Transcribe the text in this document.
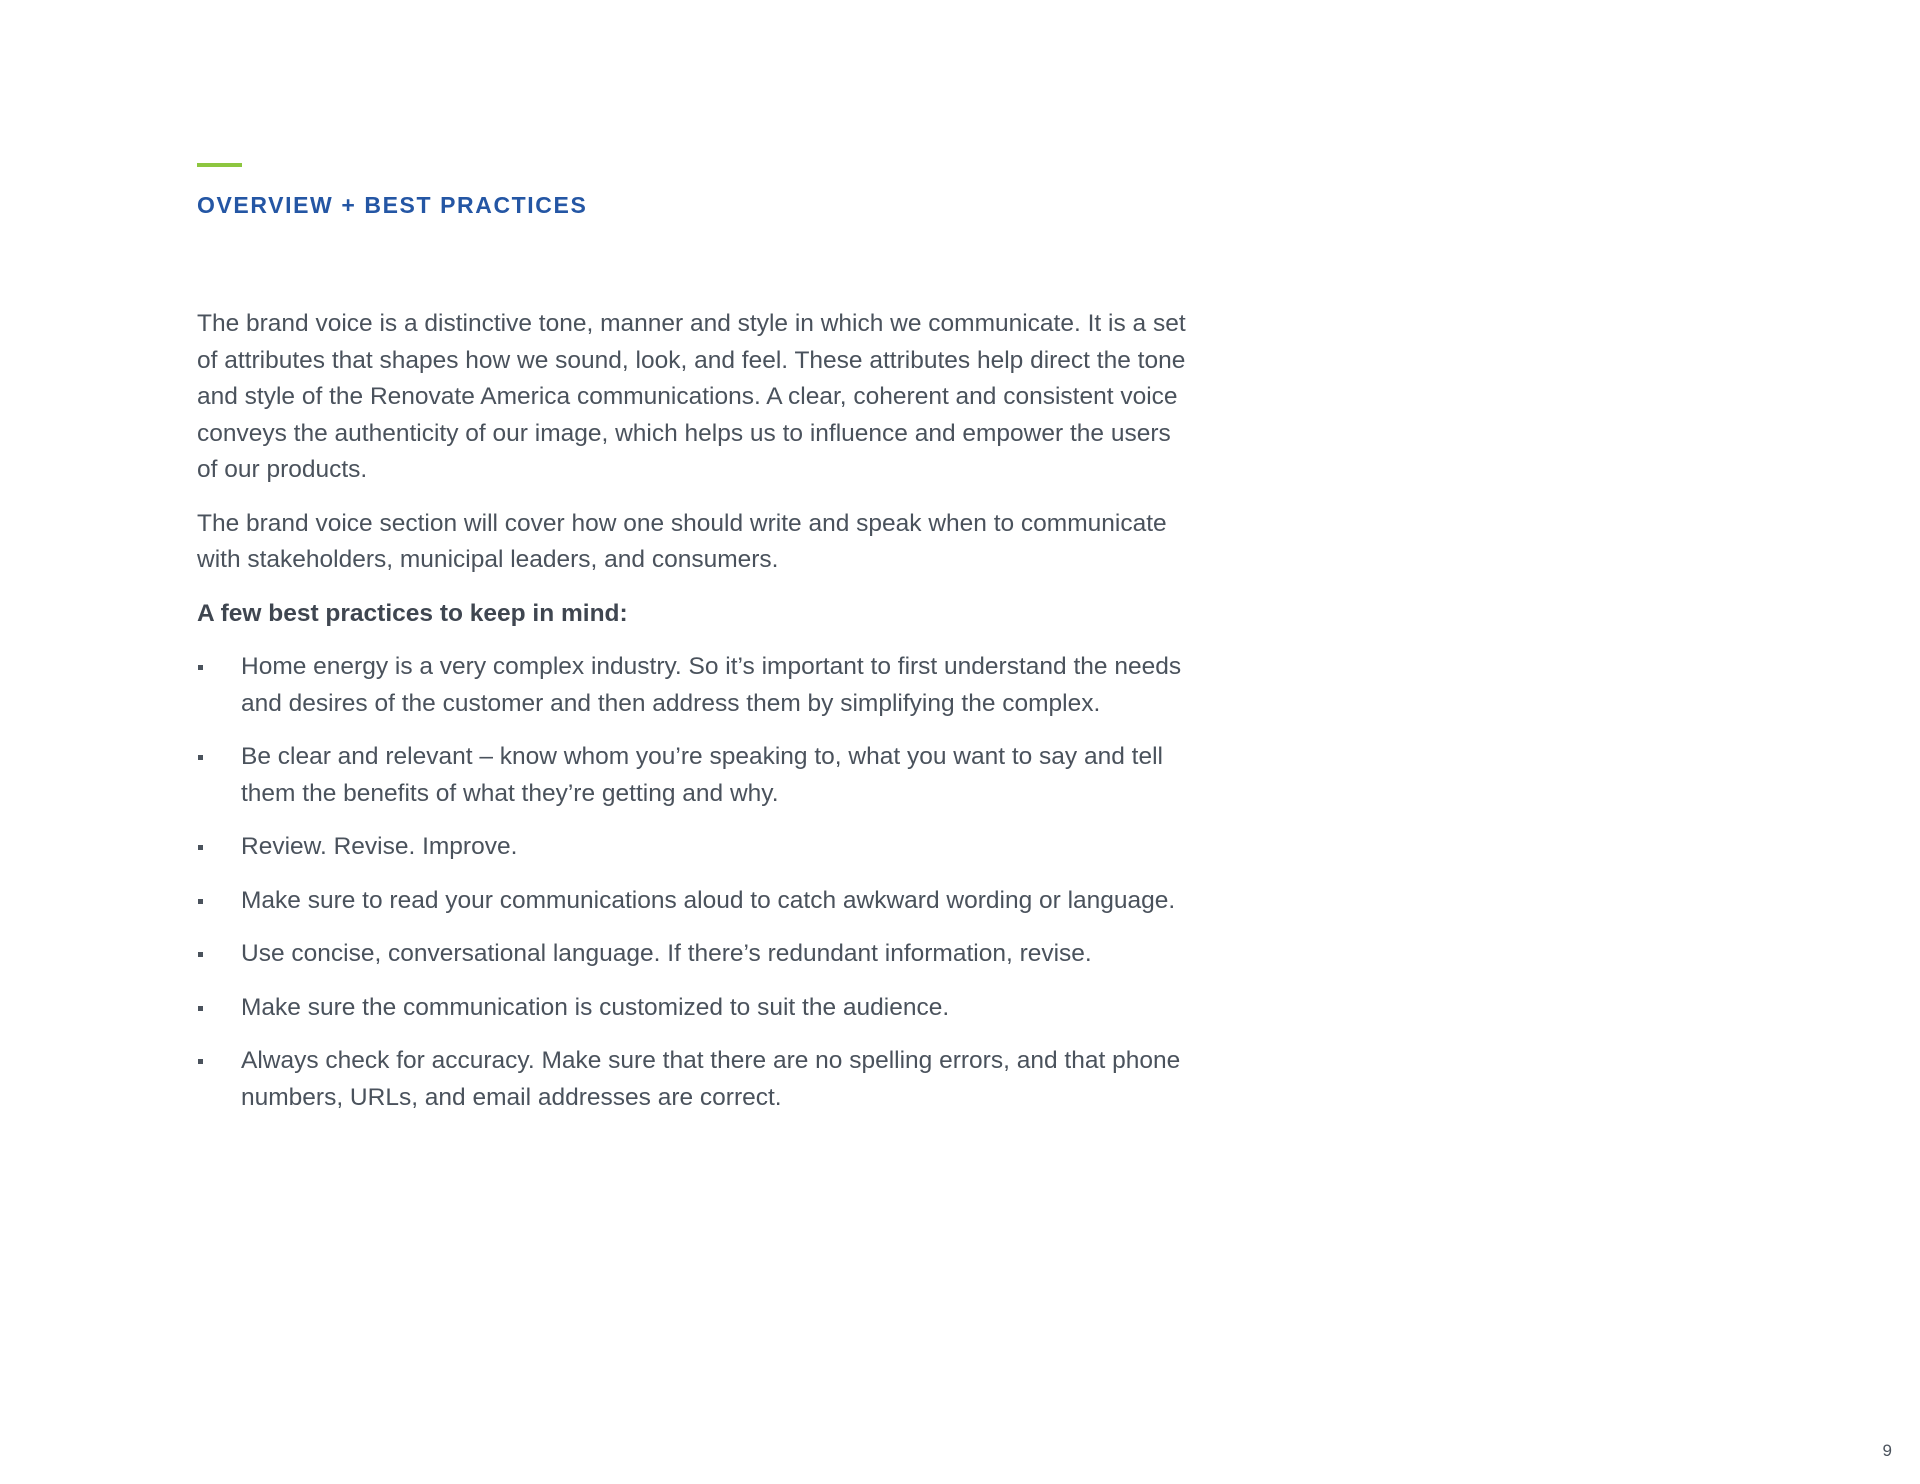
OVERVIEW + BEST PRACTICES

The brand voice is a distinctive tone, manner and style in which we communicate. It is a set of attributes that shapes how we sound, look, and feel. These attributes help direct the tone and style of the Renovate America communications. A clear, coherent and consistent voice conveys the authenticity of our image, which helps us to influence and empower the users of our products.

The brand voice section will cover how one should write and speak when to communicate with stakeholders, municipal leaders, and consumers.

A few best practices to keep in mind:

Home energy is a very complex industry. So it’s important to first understand the needs and desires of the customer and then address them by simplifying the complex.
Be clear and relevant – know whom you’re speaking to, what you want to say and tell them the benefits of what they’re getting and why.
Review. Revise. Improve.
Make sure to read your communications aloud to catch awkward wording or language.
Use concise, conversational language. If there’s redundant information, revise.
Make sure the communication is customized to suit the audience.
Always check for accuracy. Make sure that there are no spelling errors, and that phone numbers, URLs, and email addresses are correct.
9
